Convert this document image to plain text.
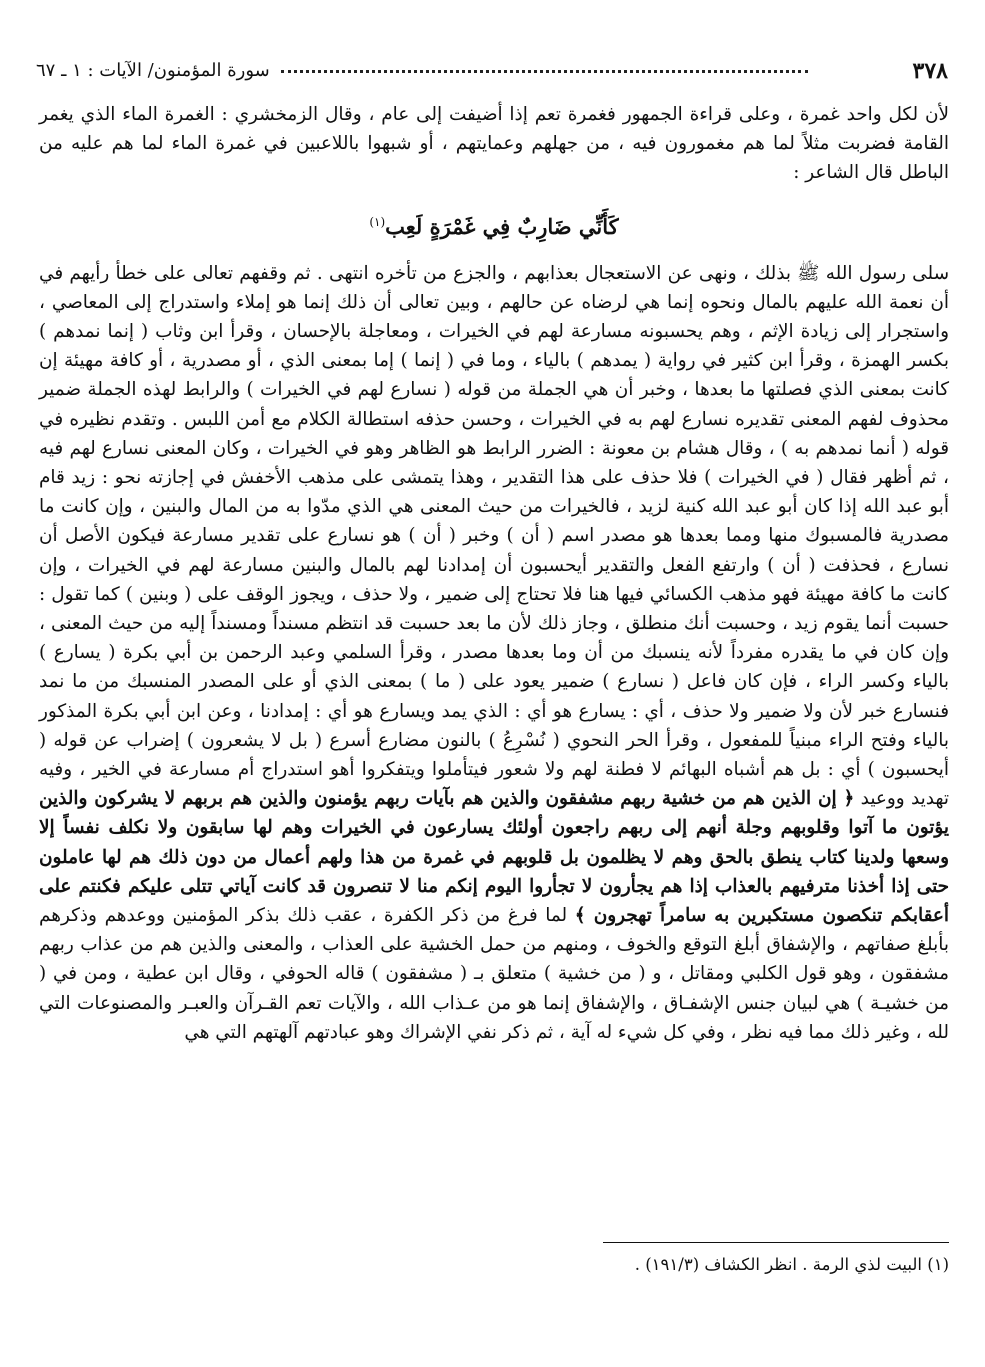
٣٧٨
سورة المؤمنون/ الآيات : ١ ـ ٦٧

لأن لكل واحد غمرة ، وعلى قراءة الجمهور فغمرة تعم إذا أضيفت إلى عام ، وقال الزمخشري : الغمرة الماء الذي يغمر القامة فضربت مثلاً لما هم مغمورون فيه ، من جهلهم وعمايتهم ، أو شبهوا باللاعبين في غمرة الماء لما هم عليه من الباطل قال الشاعر :

كَأَنِّي ضَارِبٌ فِي غَمْرَةٍ لَعِب$^{(١)}$

سلى رسول الله ﷺ بذلك ، ونهى عن الاستعجال بعذابهم ، والجزع من تأخره انتهى . ثم وقفهم تعالى على خطأ رأيهم في أن نعمة الله عليهم بالمال ونحوه إنما هي لرضاه عن حالهم ، وبين تعالى أن ذلك إنما هو إملاء واستدراج إلى المعاصي ، واستجرار إلى زيادة الإثم ، وهم يحسبونه مسارعة لهم في الخيرات ، ومعاجلة بالإحسان ، وقرأ ابن وثاب ( إنما نمدهم ) بكسر الهمزة ، وقرأ ابن كثير في رواية ( يمدهم ) بالياء ، وما في ( إنما ) إما بمعنى الذي ، أو مصدرية ، أو كافة مهيئة إن كانت بمعنى الذي فصلتها ما بعدها ، وخبر أن هي الجملة من قوله ( نسارع لهم في الخيرات ) والرابط لهذه الجملة ضمير محذوف لفهم المعنى تقديره نسارع لهم به في الخيرات ، وحسن حذفه استطالة الكلام مع أمن اللبس . وتقدم نظيره في قوله ( أنما نمدهم به ) ، وقال هشام بن معونة : الضرر الرابط هو الظاهر وهو في الخيرات ، وكان المعنى نسارع لهم فيه ، ثم أظهر فقال ( في الخيرات ) فلا حذف على هذا التقدير ، وهذا يتمشى على مذهب الأخفش في إجازته نحو : زيد قام أبو عبد الله إذا كان أبو عبد الله كنية لزيد ، فالخيرات من حيث المعنى هي الذي مدّوا به من المال والبنين ، وإن كانت ما مصدرية فالمسبوك منها ومما بعدها هو مصدر اسم ( أن ) وخبر ( أن ) هو نسارع على تقدير مسارعة فيكون الأصل أن نسارع ، فحذفت ( أن ) وارتفع الفعل والتقدير أيحسبون أن إمدادنا لهم بالمال والبنين مسارعة لهم في الخيرات ، وإن كانت ما كافة مهيئة فهو مذهب الكسائي فيها هنا فلا تحتاج إلى ضمير ، ولا حذف ، ويجوز الوقف على ( وبنين ) كما تقول : حسبت أنما يقوم زيد ، وحسبت أنك منطلق ، وجاز ذلك لأن ما بعد حسبت قد انتظم مسنداً ومسنداً إليه من حيث المعنى ، وإن كان في ما يقدره مفرداً لأنه ينسبك من أن وما بعدها مصدر ، وقرأ السلمي وعبد الرحمن بن أبي بكرة ( يسارع ) بالياء وكسر الراء ، فإن كان فاعل ( نسارع ) ضمير يعود على ( ما ) بمعنى الذي أو على المصدر المنسبك من ما نمد فنسارع خبر لأن ولا ضمير ولا حذف ، أي : يسارع هو أي : الذي يمد ويسارع هو أي : إمدادنا ، وعن ابن أبي بكرة المذكور بالياء وفتح الراء مبنياً للمفعول ، وقرأ الحر النحوي ( نُسْرِعُ ) بالنون مضارع أسرع ( بل لا يشعرون ) إضراب عن قوله ( أيحسبون ) أي : بل هم أشباه البهائم لا فطنة لهم ولا شعور فيتأملوا ويتفكروا أهو استدراج أم مسارعة في الخير ، وفيه تهديد ووعيد ﴿ إن الذين هم من خشية ربهم مشفقون والذين هم بآيات ربهم يؤمنون والذين هم بربهم لا يشركون والذين يؤتون ما آتوا وقلوبهم وجلة أنهم إلى ربهم راجعون أولئك يسارعون في الخيرات وهم لها سابقون ولا نكلف نفساً إلا وسعها ولدينا كتاب ينطق بالحق وهم لا يظلمون بل قلوبهم في غمرة من هذا ولهم أعمال من دون ذلك هم لها عاملون حتى إذا أخذنا مترفيهم بالعذاب إذا هم يجأرون لا تجأروا اليوم إنكم منا لا تنصرون قد كانت آياتي تتلى عليكم فكنتم على أعقابكم تنكصون مستكبرين به سامراً تهجرون ﴾ لما فرغ من ذكر الكفرة ، عقب ذلك بذكر المؤمنين ووعدهم وذكرهم بأبلغ صفاتهم ، والإشفاق أبلغ التوقع والخوف ، ومنهم من حمل الخشية على العذاب ، والمعنى والذين هم من عذاب ربهم مشفقون ، وهو قول الكلبي ومقاتل ، و ( من خشية ) متعلق بـ ( مشفقون ) قاله الحوفي ، وقال ابن عطية ، ومن في ( من خشيـة ) هي لبيان جنس الإشفـاق ، والإشفاق إنما هو من عـذاب الله ، والآيات تعم القـرآن والعبـر والمصنوعات التي لله ، وغير ذلك مما فيه نظر ، وفي كل شيء له آية ، ثم ذكر نفي الإشراك وهو عبادتهم آلهتهم التي هي

(١) البيت لذي الرمة . انظر الكشاف (١٩١/٣) .
